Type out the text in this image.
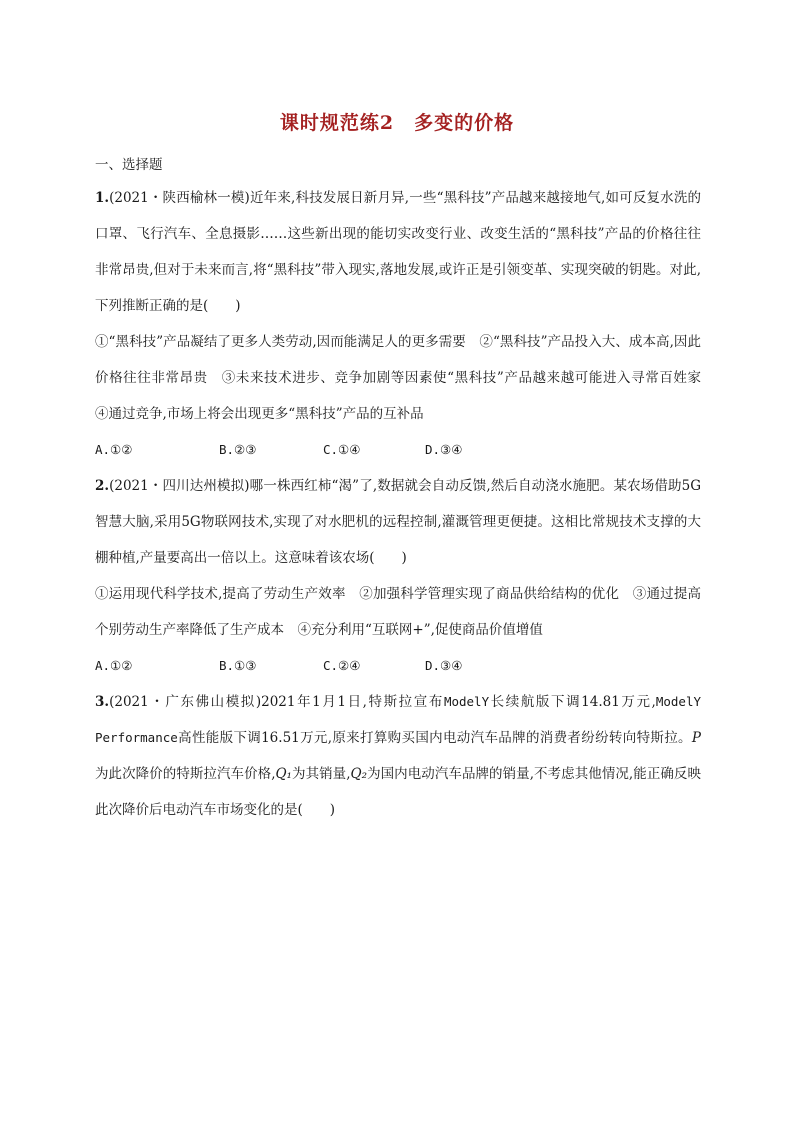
课时规范练2　多变的价格
一、选择题

1.(2021・陕西榆林一模)近年来,科技发展日新月异,一些“黑科技”产品越来越接地气,如可反复水洗的口罩、飞行汽车、全息摄影……这些新出现的能切实改变行业、改变生活的“黑科技”产品的价格往往非常昂贵,但对于未来而言,将“黑科技”带入现实,落地发展,或许正是引领变革、实现突破的钥匙。对此,下列推断正确的是(　　)

①“黑科技”产品凝结了更多人类劳动,因而能满足人的更多需要　②“黑科技”产品投入大、成本高,因此价格往往非常昂贵　③未来技术进步、竞争加剧等因素使“黑科技”产品越来越可能进入寻常百姓家　④通过竞争,市场上将会出现更多“黑科技”产品的互补品

A.①②	B.②③	C.①④	D.③④

2.(2021・四川达州模拟)哪一株西红柿“渴”了,数据就会自动反馈,然后自动浇水施肥。某农场借助5G智慧大脑,采用5G物联网技术,实现了对水肥机的远程控制,灌溉管理更便捷。这相比常规技术支撑的大棚种植,产量要高出一倍以上。这意味着该农场(　　)

①运用现代科学技术,提高了劳动生产效率　②加强科学管理实现了商品供给结构的优化　③通过提高个别劳动生产率降低了生产成本　④充分利用“互联网+”,促使商品价值增值

A.①②	B.①③	C.②④	D.③④

3.(2021・广东佛山模拟)2021年1月1日,特斯拉宣布ModelY长续航版下调14.81万元,ModelY Performance高性能版下调16.51万元,原来打算购买国内电动汽车品牌的消费者纷纷转向特斯拉。P为此次降价的特斯拉汽车价格,Q₁为其销量,Q₂为国内电动汽车品牌的销量,不考虑其他情况,能正确反映此次降价后电动汽车市场变化的是(　　)
